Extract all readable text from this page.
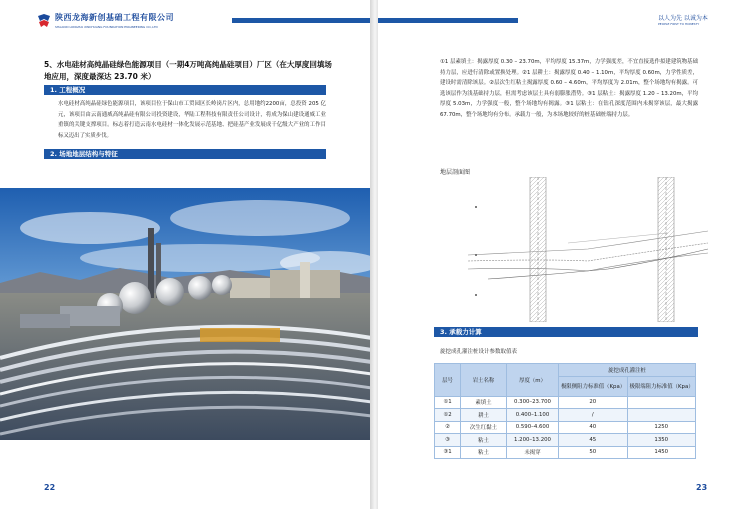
陕西龙海新创基础工程有限公司
SHAANXI LONGHAI XINCHUANG FOUNDATION ENGINEERING CO.,LTD
5、水电硅材高纯晶硅绿色能源项目（一期4万吨高纯晶硅项目）厂区（在大厚度回填场地应用，深度最深达 23.70 米）
1. 工程概况
水电硅材高纯晶硅绿色能源项目，该项目位于保山市工贸园区长岭岗片区内，总用地约2200亩，总投资 205 亿元，该项目由云南通威高纯晶硅有限公司投资建设，华陆工程科技有限责任公司设计，将成为保山建设通威工业重镇的关键支撑项目。标志着打造云南水电硅材一体化发展示范基地、把硅基产业发展成千亿级大产业的工作目标又迈出了实质步伐。
2. 场地地层结构与特征
22
以人为先 以诚为本
PEOPLE FIRST TO HONESTY
①1 层素填土：揭露厚度 0.30 – 23.70m，平均厚度 15.37m，力学强度差，不宜直接选作拟建建筑物基础持力层，应进行清除或置换处理。②1 层耕土：揭露厚度 0.40 – 1.10m，平均厚度 0.60m，力学性质差，建设时需清除该层。②层次生红粘土揭露厚度 0.60 – 4.60m，平均厚度为 2.01m，整个场地均有揭露。可选该层作为浅基础持力层，但需考虑该层土具有弱膨胀潜势。③1 层粘土：揭露厚度 1.20 – 13.20m，平均厚度 5.03m，力学强度一般，整个场地均有揭露。③1 层粘土：在钻孔深度范围内未揭穿该层，最大揭露 67.70m，整个场地均有分布。承载力一般，为本场地较好的桩基础桩端持力层。
地层剖面图
3. 承载力计算
旋挖成孔灌注桩设计参数取值表
层号	岩土名称	厚度（m）	旋挖成孔灌注桩	
			极限侧阻力标准值（Kpa）	极限端阻力标准值（Kpa）
①1	素填土	0.300–23.700	20	
①2	耕土	0.400–1.100	/	
②	次生红黏土	0.590–4.600	40	1250
③	粘土	1.200–13.200	45	1350
③1	粘土	未揭穿	50	1450
23
